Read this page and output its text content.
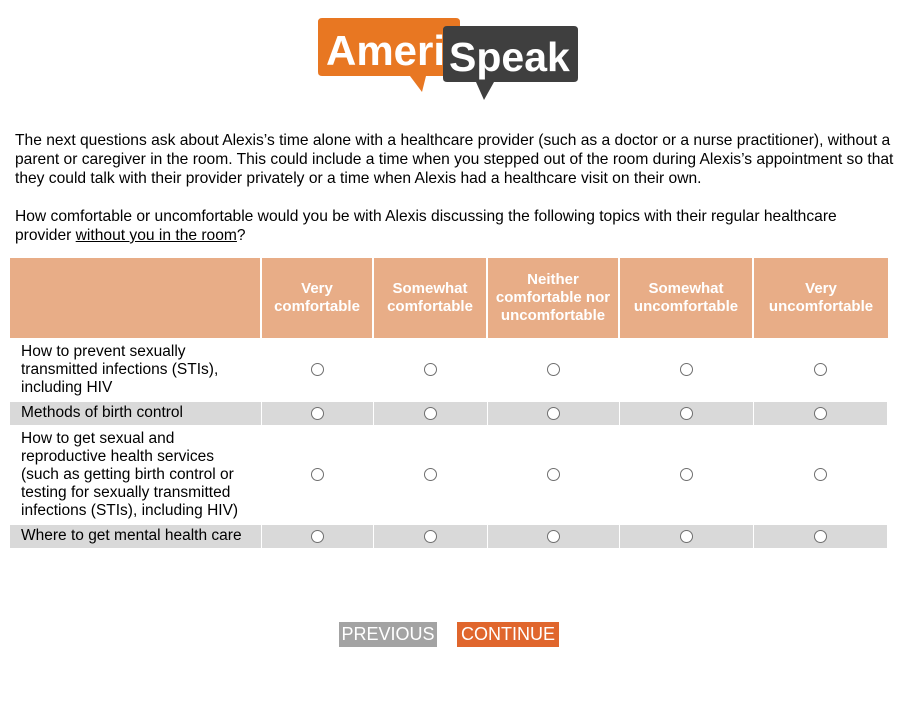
Ameri Speak

The next questions ask about Alexis’s time alone with a healthcare provider (such as a doctor or a nurse practitioner), without a parent or caregiver in the room. This could include a time when you stepped out of the room during Alexis’s appointment so that they could talk with their provider privately or a time when Alexis had a healthcare visit on their own.

How comfortable or uncomfortable would you be with Alexis discussing the following topics with their regular healthcare provider without you in the room?

	Very comfortable	Somewhat comfortable	Neither comfortable nor uncomfortable	Somewhat uncomfortable	Very uncomfortable
How to prevent sexually transmitted infections (STIs), including HIV					
Methods of birth control					
How to get sexual and reproductive health services (such as getting birth control or testing for sexually transmitted infections (STIs), including HIV)					
Where to get mental health care					
PREVIOUS CONTINUE
